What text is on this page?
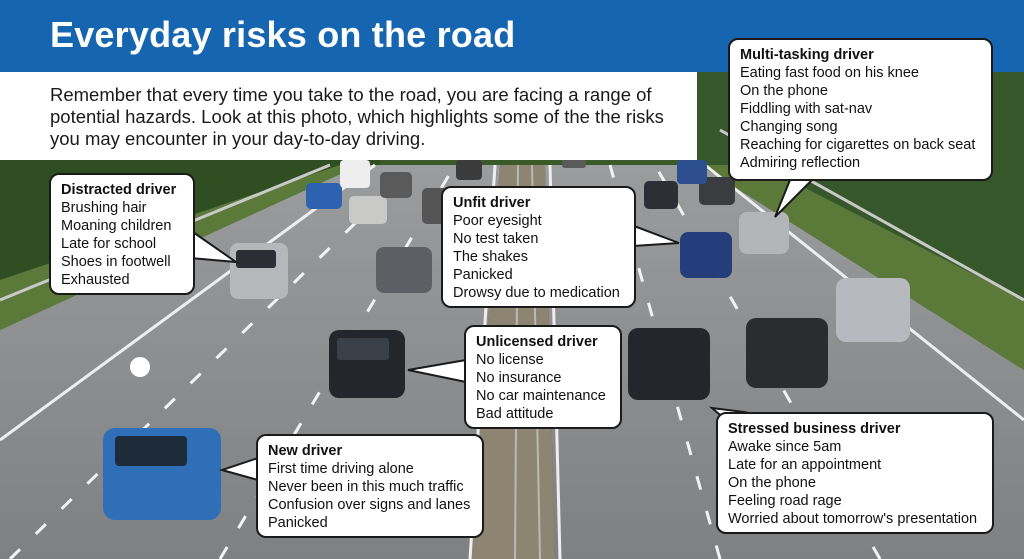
Everyday risks on the road

Remember that every time you take to the road, you are facing a range of potential hazards. Look at this photo, which highlights some of the the risks you may encounter in your day-to-day driving.

Distracted driver
Brushing hair
Moaning children
Late for school
Shoes in footwell
Exhausted
Unfit driver
Poor eyesight
No test taken
The shakes
Panicked
Drowsy due to medication
Multi-tasking driver
Eating fast food on his knee
On the phone
Fiddling with sat-nav
Changing song
Reaching for cigarettes on back seat
Admiring reflection
Unlicensed driver
No license
No insurance
No car maintenance
Bad attitude
New driver
First time driving alone
Never been in this much traffic
Confusion over signs and lanes
Panicked
Stressed business driver
Awake since 5am
Late for an appointment
On the phone
Feeling road rage
Worried about tomorrow's presentation
